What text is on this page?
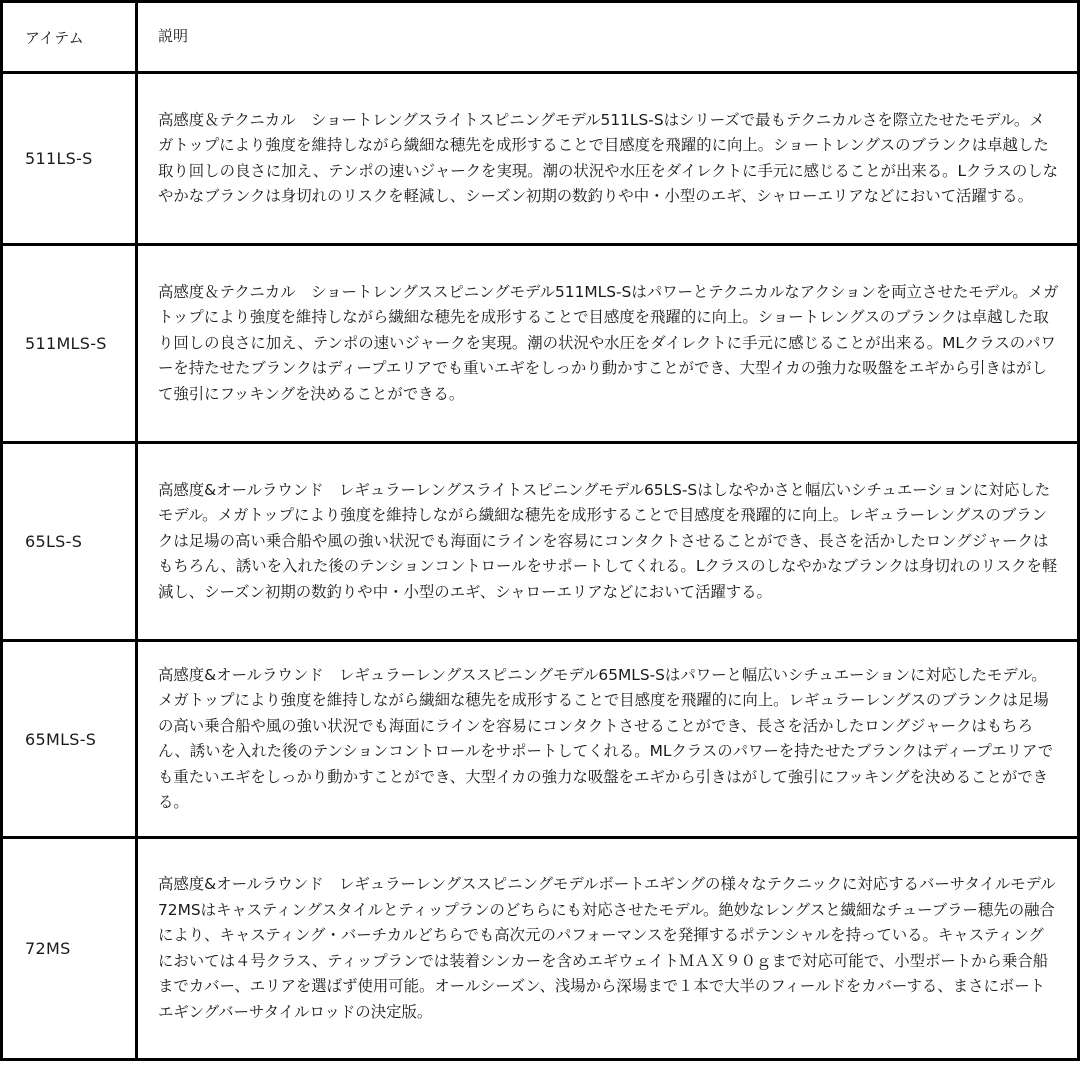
アイテム	説明
511LS-S	高感度＆テクニカル　ショートレングスライトスピニングモデル511LS-Sはシリーズで最もテクニカルさを際立たせたモデル。メガトップにより強度を維持しながら繊細な穂先を成形することで目感度を飛躍的に向上。ショートレングスのブランクは卓越した取り回しの良さに加え、テンポの速いジャークを実現。潮の状況や水圧をダイレクトに手元に感じることが出来る。Lクラスのしなやかなブランクは身切れのリスクを軽減し、シーズン初期の数釣りや中・小型のエギ、シャローエリアなどにおいて活躍する。

511MLS-S	高感度＆テクニカル　ショートレングススピニングモデル511MLS-Sはパワーとテクニカルなアクションを両立させたモデル。メガトップにより強度を維持しながら繊細な穂先を成形することで目感度を飛躍的に向上。ショートレングスのブランクは卓越した取り回しの良さに加え、テンポの速いジャークを実現。潮の状況や水圧をダイレクトに手元に感じることが出来る。MLクラスのパワーを持たせたブランクはディープエリアでも重いエギをしっかり動かすことができ、大型イカの強力な吸盤をエギから引きはがして強引にフッキングを決めることができる。

65LS-S	高感度&オールラウンド　レギュラーレングスライトスピニングモデル65LS-Sはしなやかさと幅広いシチュエーションに対応したモデル。メガトップにより強度を維持しながら繊細な穂先を成形することで目感度を飛躍的に向上。レギュラーレングスのブランクは足場の高い乗合船や風の強い状況でも海面にラインを容易にコンタクトさせることができ、長さを活かしたロングジャークはもちろん、誘いを入れた後のテンションコントロールをサポートしてくれる。Lクラスのしなやかなブランクは身切れのリスクを軽減し、シーズン初期の数釣りや中・小型のエギ、シャローエリアなどにおいて活躍する。

65MLS-S	高感度&オールラウンド　レギュラーレングススピニングモデル65MLS-Sはパワーと幅広いシチュエーションに対応したモデル。メガトップにより強度を維持しながら繊細な穂先を成形することで目感度を飛躍的に向上。レギュラーレングスのブランクは足場の高い乗合船や風の強い状況でも海面にラインを容易にコンタクトさせることができ、長さを活かしたロングジャークはもちろん、誘いを入れた後のテンションコントロールをサポートしてくれる。MLクラスのパワーを持たせたブランクはディープエリアでも重たいエギをしっかり動かすことができ、大型イカの強力な吸盤をエギから引きはがして強引にフッキングを決めることができる。

72MS	高感度&オールラウンド　レギュラーレングススピニングモデルボートエギングの様々なテクニックに対応するバーサタイルモデル72MSはキャスティングスタイルとティップランのどちらにも対応させたモデル。絶妙なレングスと繊細なチューブラー穂先の融合により、キャスティング・バーチカルどちらでも高次元のパフォーマンスを発揮するポテンシャルを持っている。キャスティングにおいては４号クラス、ティップランでは装着シンカーを含めエギウェイトＭＡＸ９０ｇまで対応可能で、小型ボートから乗合船までカバー、エリアを選ばず使用可能。オールシーズン、浅場から深場まで１本で大半のフィールドをカバーする、まさにボートエギングバーサタイルロッドの決定版。
